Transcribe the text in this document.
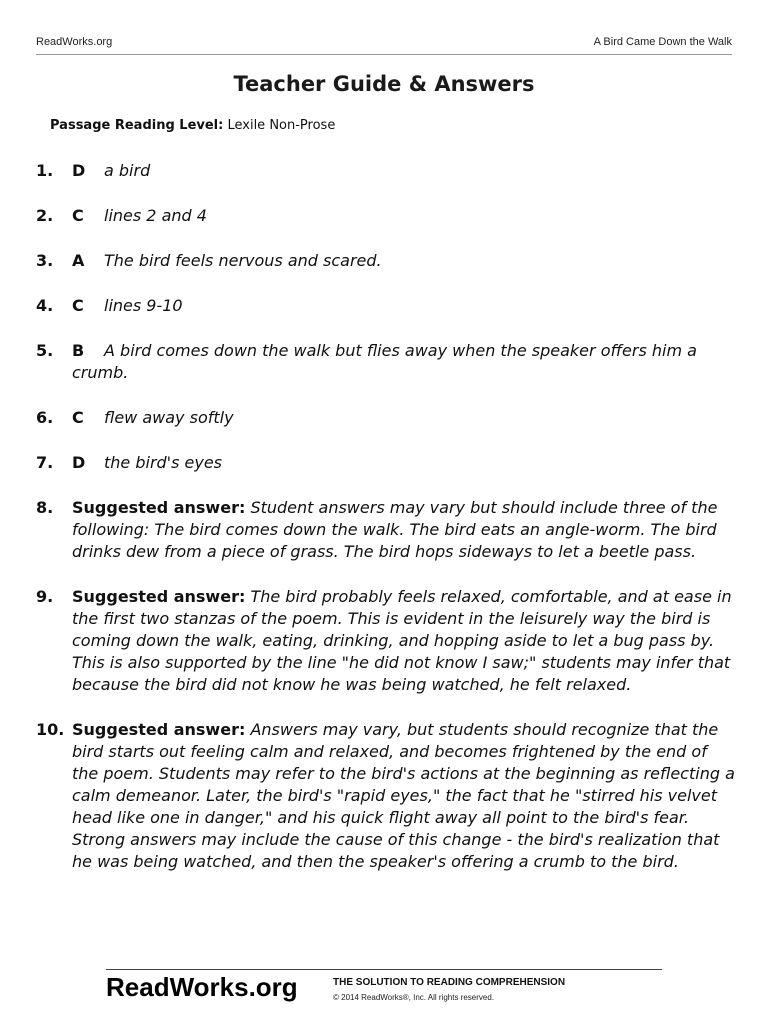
ReadWorks.org	A Bird Came Down the Walk
Teacher Guide & Answers
Passage Reading Level: Lexile Non-Prose
1. D a bird
2. C lines 2 and 4
3. A The bird feels nervous and scared.
4. C lines 9-10
5. B A bird comes down the walk but flies away when the speaker offers him a crumb.
6. C flew away softly
7. D the bird's eyes
8. Suggested answer: Student answers may vary but should include three of the following: The bird comes down the walk. The bird eats an angle-worm. The bird drinks dew from a piece of grass. The bird hops sideways to let a beetle pass.
9. Suggested answer: The bird probably feels relaxed, comfortable, and at ease in the first two stanzas of the poem. This is evident in the leisurely way the bird is coming down the walk, eating, drinking, and hopping aside to let a bug pass by. This is also supported by the line "he did not know I saw;" students may infer that because the bird did not know he was being watched, he felt relaxed.
10. Suggested answer: Answers may vary, but students should recognize that the bird starts out feeling calm and relaxed, and becomes frightened by the end of the poem. Students may refer to the bird's actions at the beginning as reflecting a calm demeanor. Later, the bird's "rapid eyes," the fact that he "stirred his velvet head like one in danger," and his quick flight away all point to the bird's fear. Strong answers may include the cause of this change - the bird's realization that he was being watched, and then the speaker's offering a crumb to the bird.
ReadWorks.org	THE SOLUTION TO READING COMPREHENSION
© 2014 ReadWorks®, Inc. All rights reserved.
